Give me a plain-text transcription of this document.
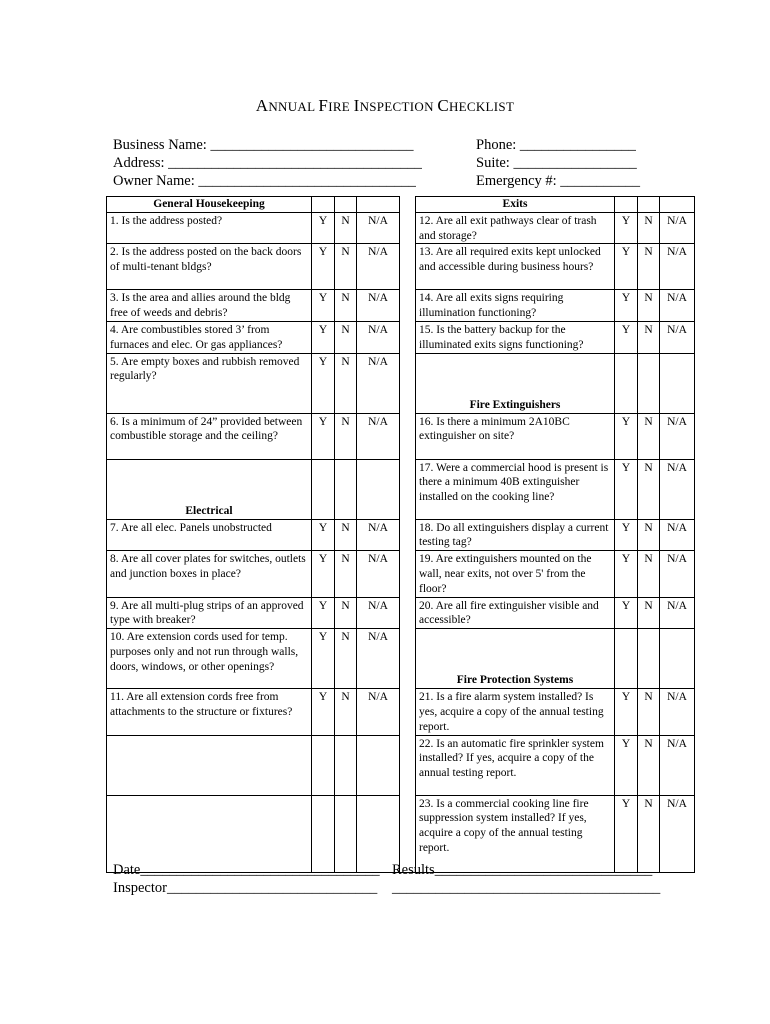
ANNUAL FIRE INSPECTION CHECKLIST
Business Name: ____________________________
Address: ___________________________________
Owner Name: ______________________________
Phone: ________________
Suite: _________________
Emergency #: ___________
General Housekeeping					Exits			

1. Is the address posted?	Y	N	N/A		12. Are all exit pathways clear of trash and storage?	Y	N	N/A
2. Is the address posted on the back doors of multi-tenant bldgs?	Y	N	N/A		13. Are all required exits kept unlocked and accessible during business hours?	Y	N	N/A
3. Is the area and allies around the bldg free of weeds and debris?	Y	N	N/A		14. Are all exits signs requiring illumination functioning?	Y	N	N/A
4. Are combustibles stored 3’ from furnaces and elec. Or gas appliances?	Y	N	N/A		15. Is the battery backup for the illuminated exits signs functioning?	Y	N	N/A
5. Are empty boxes and rubbish removed regularly?	Y	N	N/A		Fire Extinguishers			

6. Is a minimum of 24” provided between combustible storage and the ceiling?	Y	N	N/A		16. Is there a minimum 2A10BC extinguisher on site?	Y	N	N/A

Electrical					17. Were a commercial hood is present is there a minimum 40B extinguisher installed on the cooking line?	Y	N	N/A
7. Are all elec. Panels unobstructed	Y	N	N/A		18. Do all extinguishers display a current testing tag?	Y	N	N/A
8. Are all cover plates for switches, outlets and junction boxes in place?	Y	N	N/A		19. Are extinguishers mounted on the wall, near exits, not over 5' from the floor?	Y	N	N/A
9. Are all multi-plug strips of an approved type with breaker?	Y	N	N/A		20. Are all fire extinguisher visible and accessible?	Y	N	N/A
10. Are extension cords used for temp. purposes only and not run through walls, doors, windows, or other openings?	Y	N	N/A		Fire Protection Systems			

11. Are all extension cords free from attachments to the structure or fixtures?	Y	N	N/A		21. Is a fire alarm system installed? Is yes, acquire a copy of the annual testing report.	Y	N	N/A
					22. Is an automatic fire sprinkler system installed? If yes, acquire a copy of the annual testing report.	Y	N	N/A
					23. Is a commercial cooking line fire suppression system installed? If yes, acquire a copy of the annual testing report.	Y	N	N/A
Date_________________________________
Inspector_____________________________
Results______________________________
_____________________________________
